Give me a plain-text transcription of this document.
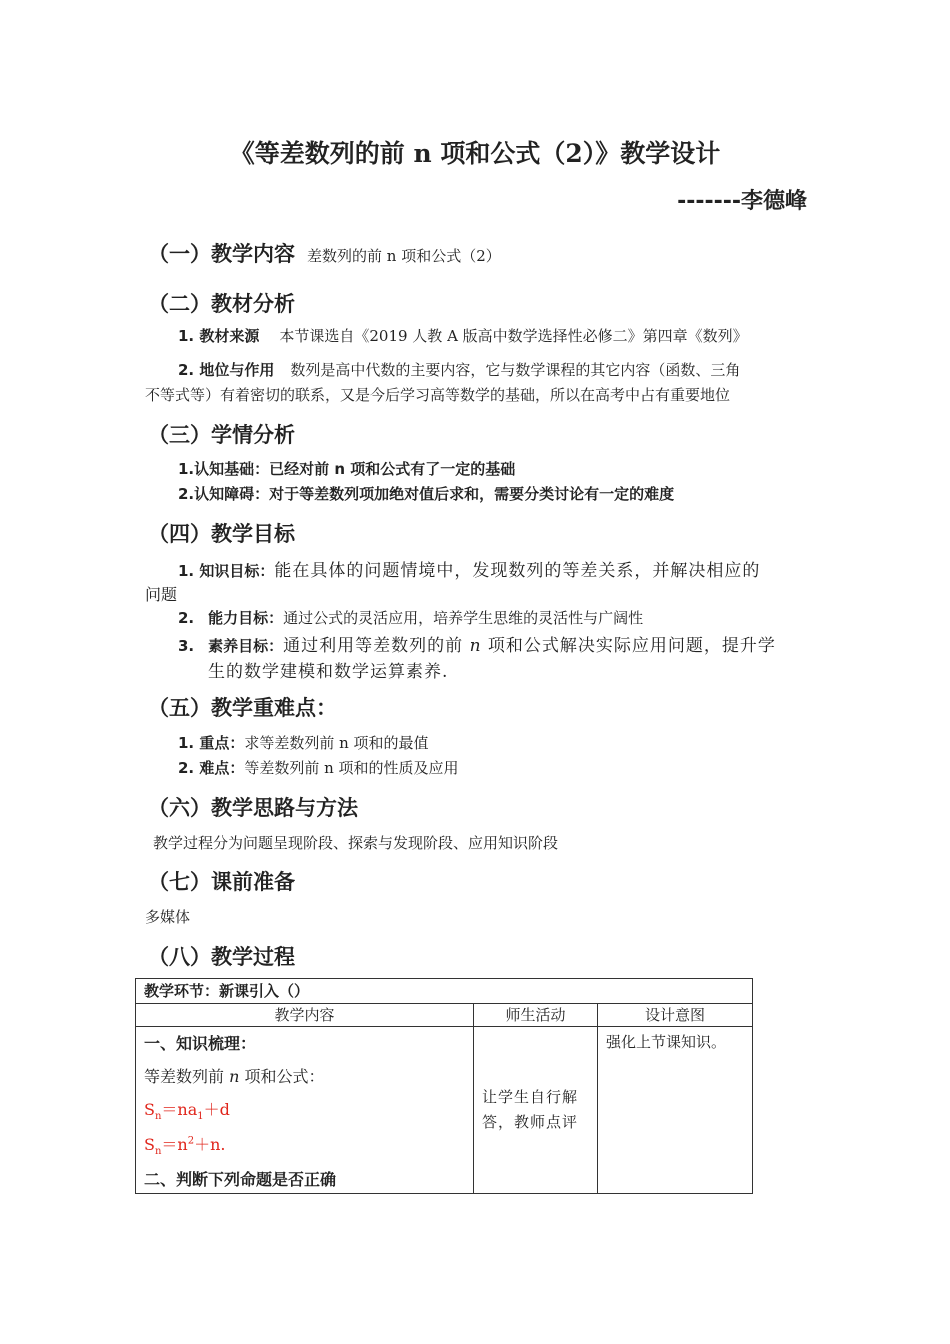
《等差数列的前 n 项和公式（2）》教学设计
-------李德峰
（一）教学内容 差数列的前 n 项和公式（2）
（二）教材分析
1. 教材来源 本节课选自《2019 人教 A 版高中数学选择性必修二》第四章《数列》
2. 地位与作用 数列是高中代数的主要内容，它与数学课程的其它内容（函数、三角
不等式等）有着密切的联系，又是今后学习高等数学的基础，所以在高考中占有重要地位
（三）学情分析
1.认知基础：已经对前 n 项和公式有了一定的基础
2.认知障碍：对于等差数列项加绝对值后求和，需要分类讨论有一定的难度
（四）教学目标
1. 知识目标：能在具体的问题情境中，发现数列的等差关系，并解决相应的
问题
2. 能力目标：通过公式的灵活应用，培养学生思维的灵活性与广阔性
3. 素养目标：通过利用等差数列的前 n 项和公式解决实际应用问题，提升学
生的数学建模和数学运算素养.
（五）教学重难点：
1. 重点：求等差数列前 n 项和的最值
2. 难点：等差数列前 n 项和的性质及应用
（六）教学思路与方法
教学过程分为问题呈现阶段、探索与发现阶段、应用知识阶段
（七）课前准备
多媒体
（八）教学过程
教学环节：新课引入（）		
教学内容	师生活动	设计意图

一、知识梳理：
等差数列前 n 项和公式：
$S_n=na_1+d$
$S_n=n^2+n$.
二、判断下列命题是否正确	让学生自行解答，教师点评	强化上节课知识。
